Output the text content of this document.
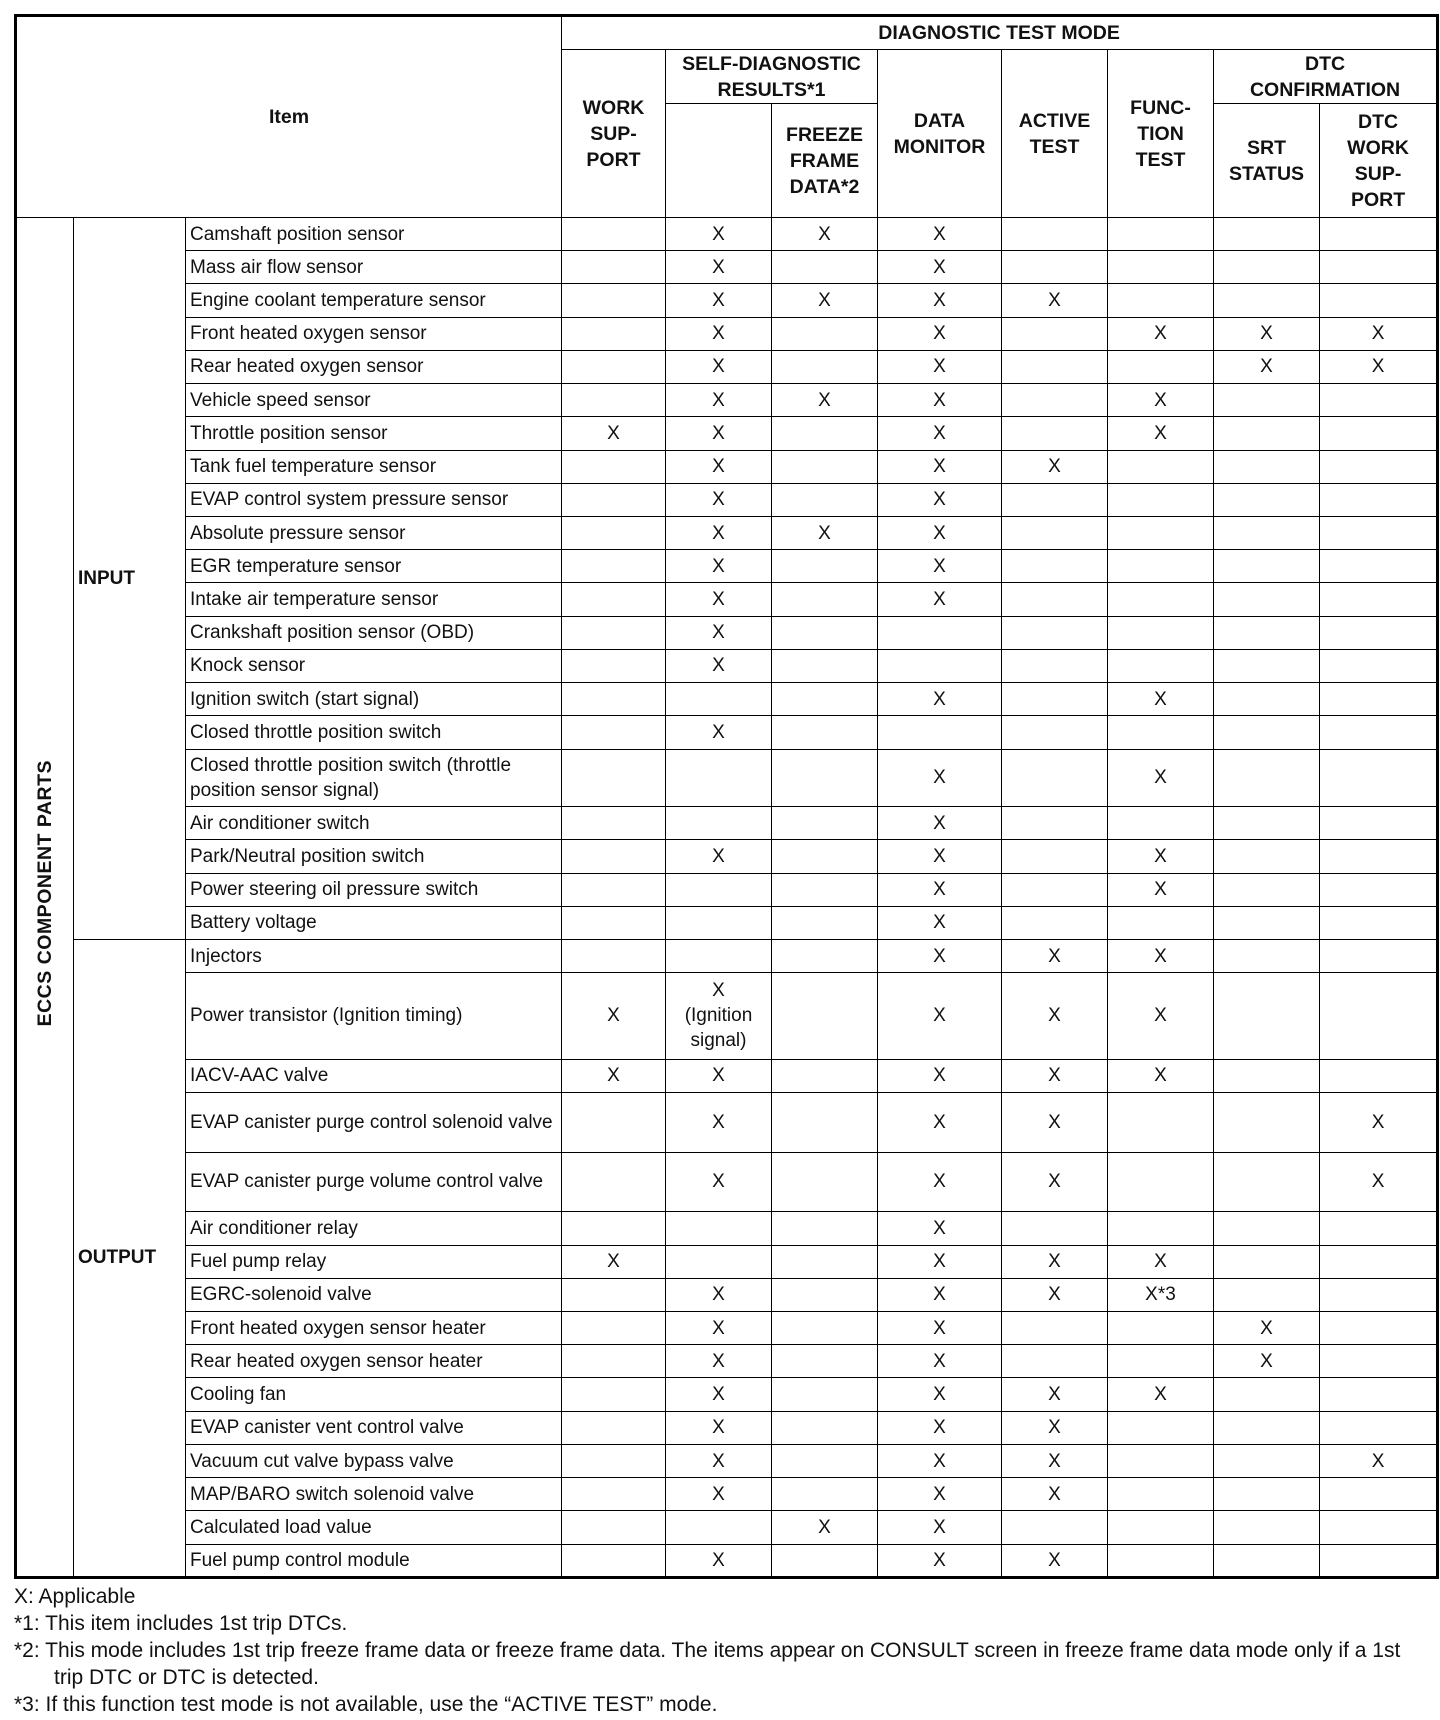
Item			DIAGNOSTIC TEST MODE							
			WORK SUP- PORT	SELF-DIAGNOSTIC RESULTS*1		DATA MONITOR	ACTIVE TEST	FUNC- TION TEST	DTC CONFIRMATION	
					FREEZE FRAME DATA*2				SRT STATUS	DTC WORK SUP- PORT

ECCS COMPONENT PARTS	INPUT	Camshaft position sensor		X	X	X				
		Mass air flow sensor		X		X				
		Engine coolant temperature sensor		X	X	X	X			
		Front heated oxygen sensor		X		X		X	X	X
		Rear heated oxygen sensor		X		X			X	X
		Vehicle speed sensor		X	X	X		X		
		Throttle position sensor	X	X		X		X		
		Tank fuel temperature sensor		X		X	X			
		EVAP control system pressure sensor		X		X				
		Absolute pressure sensor		X	X	X				
		EGR temperature sensor		X		X				
		Intake air temperature sensor		X		X				
		Crankshaft position sensor (OBD)		X						
		Knock sensor		X						
		Ignition switch (start signal)				X		X		
		Closed throttle position switch		X						
		Closed throttle position switch (throttle position sensor signal)				X		X		
		Air conditioner switch				X				
		Park/Neutral position switch		X		X		X		
		Power steering oil pressure switch				X		X		
		Battery voltage				X				
	OUTPUT	Injectors				X	X	X		
		Power transistor (Ignition timing)	X	X (Ignition signal)		X	X	X		
		IACV-AAC valve	X	X		X	X	X		
		EVAP canister purge control solenoid valve		X		X	X			X
		EVAP canister purge volume control valve		X		X	X			X
		Air conditioner relay				X				
		Fuel pump relay	X			X	X	X		
		EGRC-solenoid valve		X		X	X	X*3		
		Front heated oxygen sensor heater		X		X			X	
		Rear heated oxygen sensor heater		X		X			X	
		Cooling fan		X		X	X	X		
		EVAP canister vent control valve		X		X	X			
		Vacuum cut valve bypass valve		X		X	X			X
		MAP/BARO switch solenoid valve		X		X	X			
		Calculated load value			X	X				
		Fuel pump control module		X		X	X			

X: Applicable

*1: This item includes 1st trip DTCs.

*2: This mode includes 1st trip freeze frame data or freeze frame data. The items appear on CONSULT screen in freeze frame data mode only if a 1st trip DTC or DTC is detected.

*3: If this function test mode is not available, use the “ACTIVE TEST” mode.
